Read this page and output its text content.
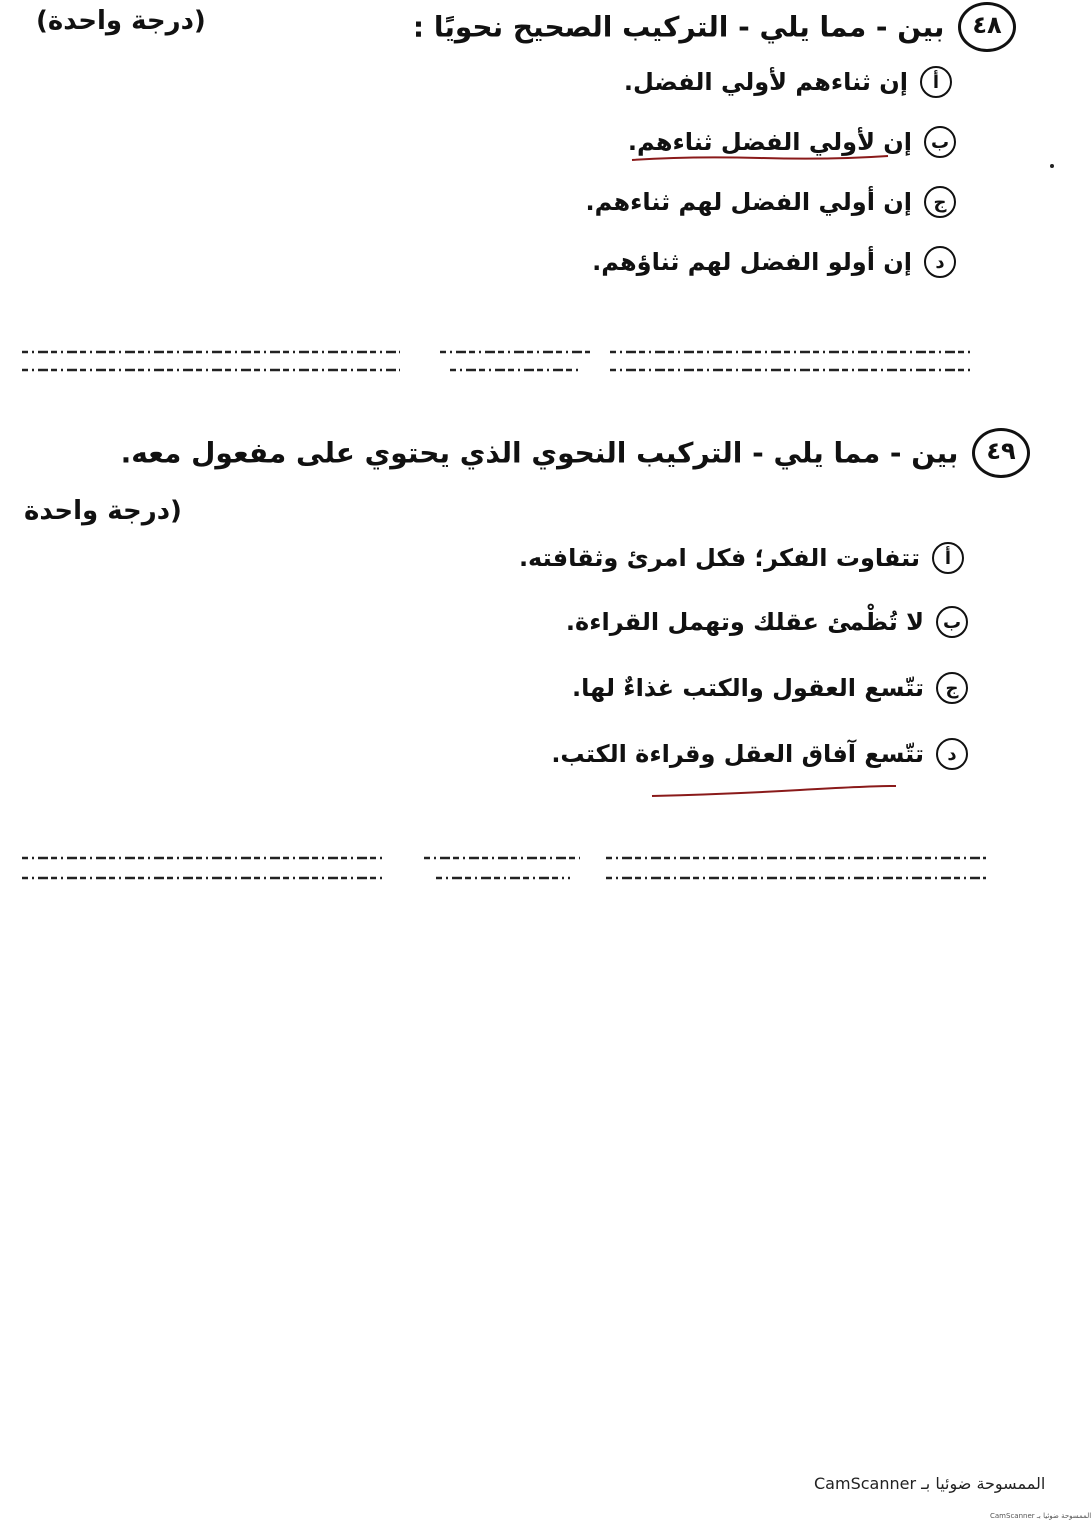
٤٨ بين - مما يلي - التركيب الصحيح نحويًا :
(درجة واحدة)
أ
إن ثناءهم لأولي الفضل.
ب
إن لأولي الفضل ثناءهم.
ج
إن أولي الفضل لهم ثناءهم.
د
إن أولو الفضل لهم ثناؤهم.
٤٩ بين - مما يلي - التركيب النحوي الذي يحتوي على مفعول معه.
(درجة واحدة
أ
تتفاوت الفكر؛ فكل امرئ وثقافته.
ب
لا تُظْمئ عقلك وتهمل القراءة.
ج
تتّسع العقول والكتب غذاءٌ لها.
د
تتّسع آفاق العقل وقراءة الكتب.
الممسوحة ضوئيا بـ CamScanner
الممسوحة ضوئيا بـ CamScanner
